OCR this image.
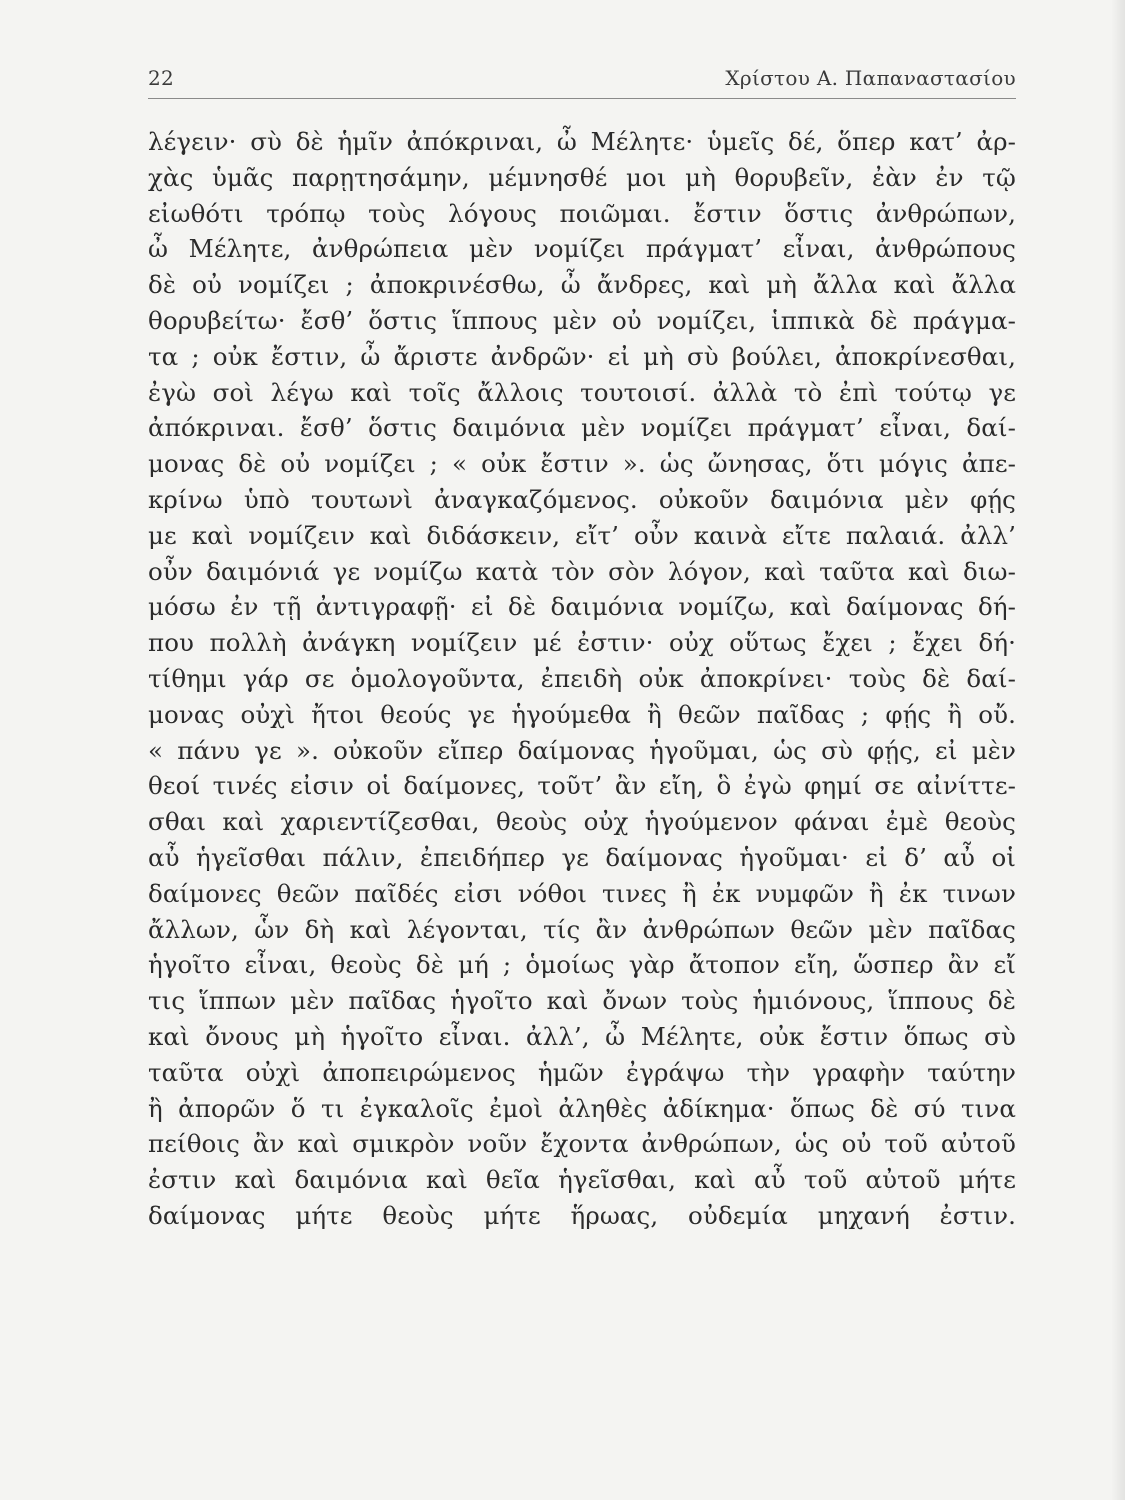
22	Χρίστου Α. Παπαναστασίου
λέγειν· σὺ δὲ ἡμῖν ἀπόκριναι, ὦ Μέλητε· ὑμεῖς δέ, ὅπερ κατ’ ἀρ-
χὰς ὑμᾶς παρῃτησάμην, μέμνησθέ μοι μὴ θορυβεῖν, ἐὰν ἐν τῷ
εἰωθότι τρόπῳ τοὺς λόγους ποιῶμαι. ἔστιν ὅστις ἀνθρώπων,
ὦ Μέλητε, ἀνθρώπεια μὲν νομίζει πράγματ’ εἶναι, ἀνθρώπους
δὲ οὐ νομίζει ; ἀποκρινέσθω, ὦ ἄνδρες, καὶ μὴ ἄλλα καὶ ἄλλα
θορυβείτω· ἔσθ’ ὅστις ἵππους μὲν οὐ νομίζει, ἱππικὰ δὲ πράγμα-
τα ; οὐκ ἔστιν, ὦ ἄριστε ἀνδρῶν· εἰ μὴ σὺ βούλει, ἀποκρίνεσθαι,
ἐγὼ σοὶ λέγω καὶ τοῖς ἄλλοις τουτοισί. ἀλλὰ τὸ ἐπὶ τούτῳ γε
ἀπόκριναι. ἔσθ’ ὅστις δαιμόνια μὲν νομίζει πράγματ’ εἶναι, δαί-
μονας δὲ οὐ νομίζει ; « οὐκ ἔστιν ». ὡς ὤνησας, ὅτι μόγις ἀπε-
κρίνω ὑπὸ τουτωνὶ ἀναγκαζόμενος. οὐκοῦν δαιμόνια μὲν φῄς
με καὶ νομίζειν καὶ διδάσκειν, εἴτ’ οὖν καινὰ εἴτε παλαιά. ἀλλ’
οὖν δαιμόνιά γε νομίζω κατὰ τὸν σὸν λόγον, καὶ ταῦτα καὶ διω-
μόσω ἐν τῇ ἀντιγραφῇ· εἰ δὲ δαιμόνια νομίζω, καὶ δαίμονας δή-
που πολλὴ ἀνάγκη νομίζειν μέ ἐστιν· οὐχ οὕτως ἔχει ; ἔχει δή·
τίθημι γάρ σε ὁμολογοῦντα, ἐπειδὴ οὐκ ἀποκρίνει· τοὺς δὲ δαί-
μονας οὐχὶ ἤτοι θεούς γε ἡγούμεθα ἢ θεῶν παῖδας ; φῄς ἢ οὔ.
« πάνυ γε ». οὐκοῦν εἴπερ δαίμονας ἡγοῦμαι, ὡς σὺ φῄς, εἰ μὲν
θεοί τινές εἰσιν οἱ δαίμονες, τοῦτ’ ἂν εἴη, ὃ ἐγὼ φημί σε αἰνίττε-
σθαι καὶ χαριεντίζεσθαι, θεοὺς οὐχ ἡγούμενον φάναι ἐμὲ θεοὺς
αὖ ἡγεῖσθαι πάλιν, ἐπειδήπερ γε δαίμονας ἡγοῦμαι· εἰ δ’ αὖ οἱ
δαίμονες θεῶν παῖδές εἰσι νόθοι τινες ἢ ἐκ νυμφῶν ἢ ἐκ τινων
ἄλλων, ὧν δὴ καὶ λέγονται, τίς ἂν ἀνθρώπων θεῶν μὲν παῖδας
ἡγοῖτο εἶναι, θεοὺς δὲ μή ; ὁμοίως γὰρ ἄτοπον εἴη, ὥσπερ ἂν εἴ
τις ἵππων μὲν παῖδας ἡγοῖτο καὶ ὄνων τοὺς ἡμιόνους, ἵππους δὲ
καὶ ὄνους μὴ ἡγοῖτο εἶναι. ἀλλ’, ὦ Μέλητε, οὐκ ἔστιν ὅπως σὺ
ταῦτα οὐχὶ ἀποπειρώμενος ἡμῶν ἐγράψω τὴν γραφὴν ταύτην
ἢ ἀπορῶν ὅ τι ἐγκαλοῖς ἐμοὶ ἀληθὲς ἀδίκημα· ὅπως δὲ σύ τινα
πείθοις ἂν καὶ σμικρὸν νοῦν ἔχοντα ἀνθρώπων, ὡς οὐ τοῦ αὐτοῦ
ἐστιν καὶ δαιμόνια καὶ θεῖα ἡγεῖσθαι, καὶ αὖ τοῦ αὐτοῦ μήτε
δαίμονας μήτε θεοὺς μήτε ἥρωας, οὐδεμία μηχανή ἐστιν.
